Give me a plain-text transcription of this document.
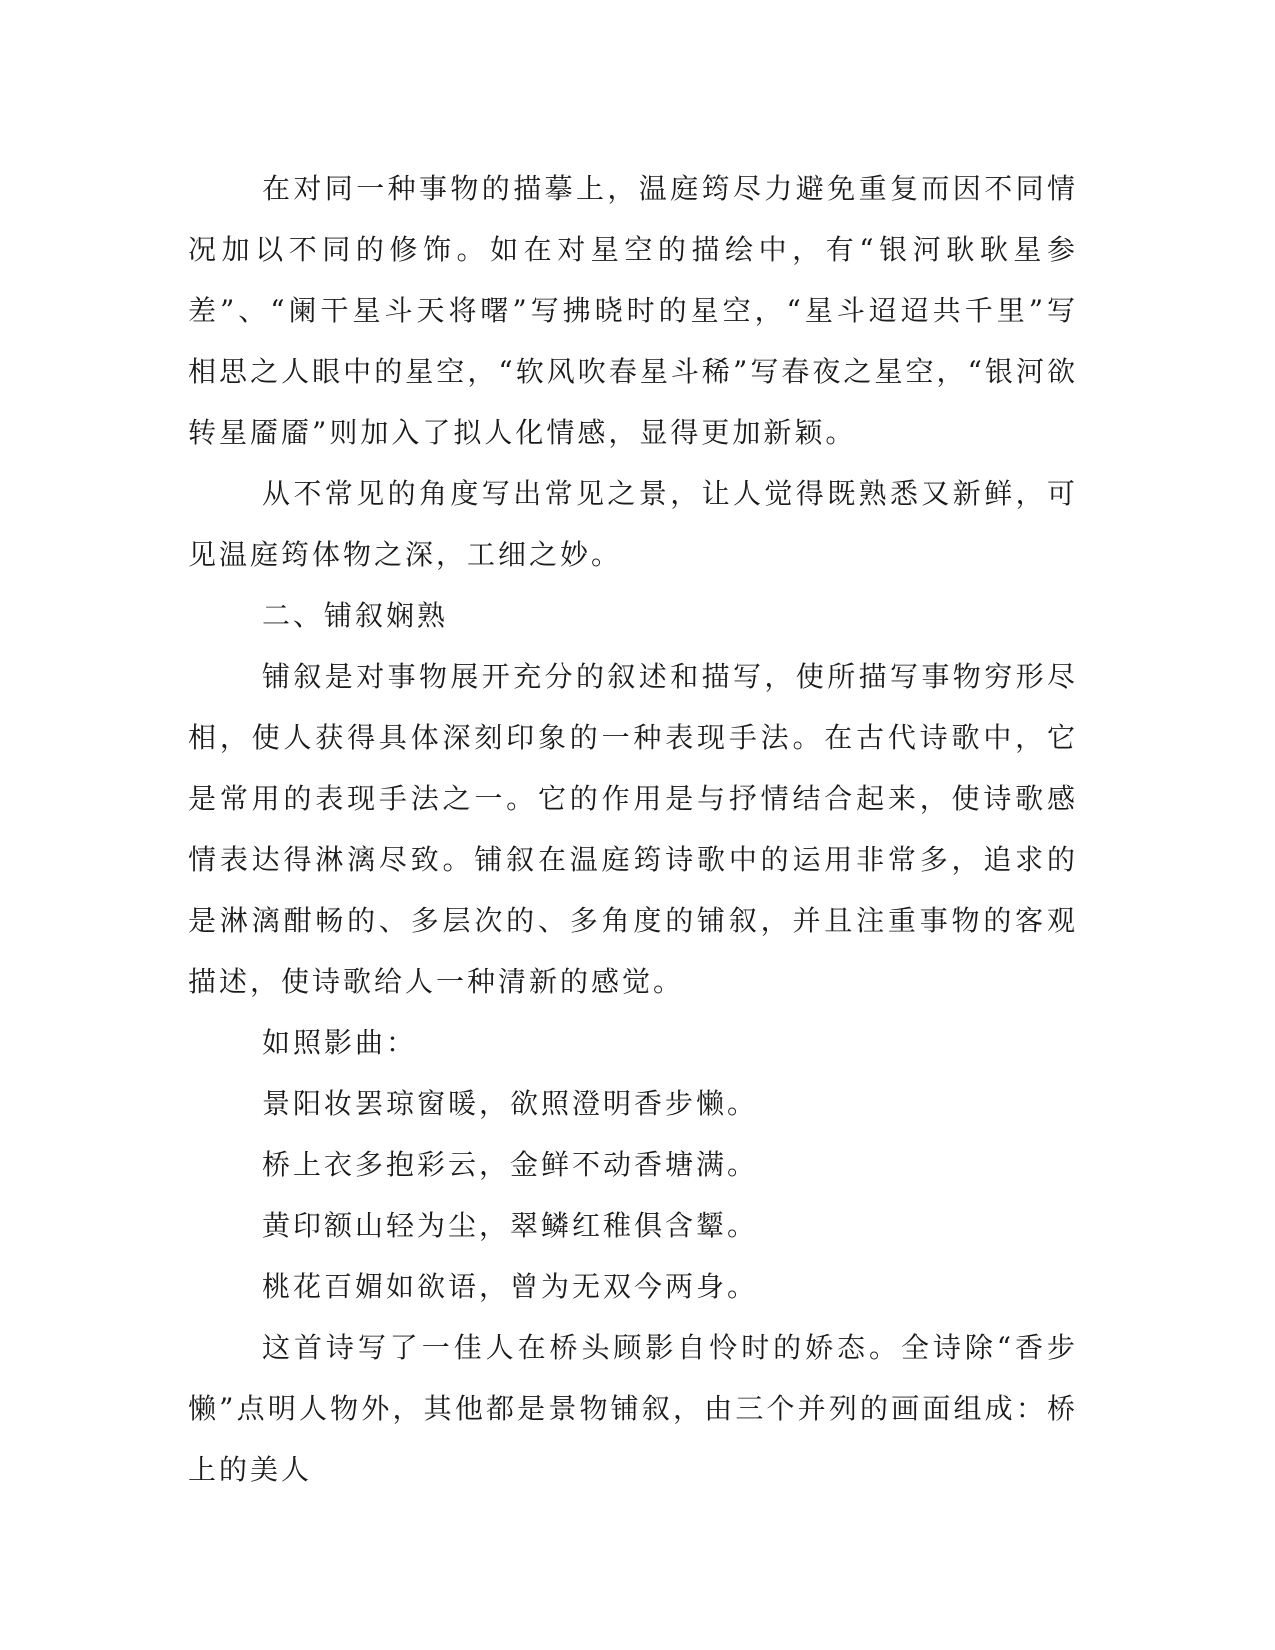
在对同一种事物的描摹上，温庭筠尽力避免重复而因不同情况加以不同的修饰。如在对星空的描绘中，有“银河耿耿星参差”、“阑干星斗天将曙”写拂晓时的星空，“星斗迢迢共千里”写相思之人眼中的星空，“软风吹春星斗稀”写春夜之星空，“银河欲转星靥靥”则加入了拟人化情感，显得更加新颖。

从不常见的角度写出常见之景，让人觉得既熟悉又新鲜，可见温庭筠体物之深，工细之妙。

二、铺叙娴熟

铺叙是对事物展开充分的叙述和描写，使所描写事物穷形尽相，使人获得具体深刻印象的一种表现手法。在古代诗歌中，它是常用的表现手法之一。它的作用是与抒情结合起来，使诗歌感情表达得淋漓尽致。铺叙在温庭筠诗歌中的运用非常多，追求的是淋漓酣畅的、多层次的、多角度的铺叙，并且注重事物的客观描述，使诗歌给人一种清新的感觉。

如照影曲：

景阳妆罢琼窗暖，欲照澄明香步懒。

桥上衣多抱彩云，金鲜不动香塘满。

黄印额山轻为尘，翠鳞红稚俱含颦。

桃花百媚如欲语，曾为无双今两身。

这首诗写了一佳人在桥头顾影自怜时的娇态。全诗除“香步懒”点明人物外，其他都是景物铺叙，由三个并列的画面组成：桥上的美人
